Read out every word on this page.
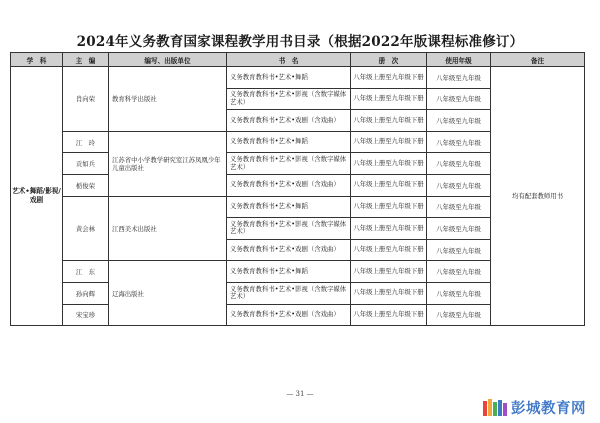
2024年义务教育国家课程教学用书目录（根据2022年版课程标准修订）
学　科	主　编	编写、出版单位	书　名	册　次	使用年级	备注
艺术•舞蹈/影视/戏剧	肖向荣	教育科学出版社	义务教育教科书•艺术•舞蹈	八年级上册至九年级下册	八年级至九年级	均有配套教师用书
			义务教育教科书•艺术•影视（含数字媒体艺术）	八年级上册至九年级下册	八年级至九年级	
			义务教育教科书•艺术•戏剧（含戏曲）	八年级上册至九年级下册	八年级至九年级	
	江　玲	江苏省中小学教学研究室江苏凤凰少年儿童出版社	义务教育教科书•艺术•舞蹈	八年级上册至九年级下册	八年级至九年级	
	贡如兵		义务教育教科书•艺术•影视（含数字媒体艺术）	八年级上册至九年级下册	八年级至九年级	
	栃俊荣		义务教育教科书•艺术•戏剧（含戏曲）	八年级上册至九年级下册	八年级至九年级	
	黄会林	江西美术出版社	义务教育教科书•艺术•舞蹈	八年级上册至九年级下册	八年级至九年级	
			义务教育教科书•艺术•影视（含数字媒体艺术）	八年级上册至九年级下册	八年级至九年级	
			义务教育教科书•艺术•戏剧（含戏曲）	八年级上册至九年级下册	八年级至九年级	
	江　东	辽海出版社	义务教育教科书•艺术•舞蹈	八年级上册至九年级下册	八年级至九年级	
	孙向辉		义务教育教科书•艺术•影视（含数字媒体艺术）	八年级上册至九年级下册	八年级至九年级	
	宋宝珍		义务教育教科书•艺术•戏剧（含戏曲）	八年级上册至九年级下册	八年级至九年级	
— 31 —
彭城教育网
